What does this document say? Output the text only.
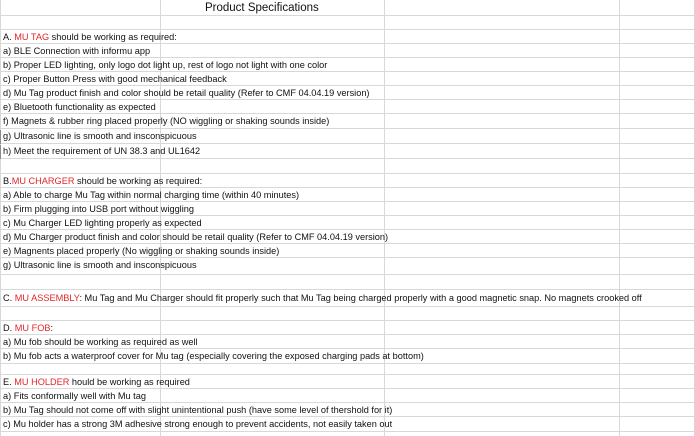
Product Specifications
A. MU TAG should be working as required:
a) BLE Connection with informu app
b) Proper LED lighting, only logo dot light up, rest of logo not light with one color
c) Proper Button Press with good mechanical feedback
d) Mu Tag product finish and color should be retail quality (Refer to CMF 04.04.19 version)
e) Bluetooth functionality as expected
f) Magnets & rubber ring placed properly (NO wiggling or shaking sounds inside)
g) Ultrasonic line is smooth and insconspicuous
h) Meet the requirement of UN 38.3 and UL1642
B.MU CHARGER should be working as required:
a) Able to charge Mu Tag within normal charging time (within 40 minutes)
b) Firm plugging into USB port without wiggling
c) Mu Charger LED lighting properly as expected
d) Mu Charger product finish and color should be retail quality (Refer to CMF 04.04.19 version)
e) Magnents placed properly (No wiggling or shaking sounds inside)
g) Ultrasonic line is smooth and insconspicuous
C. MU ASSEMBLY: Mu Tag and Mu Charger should fit properly such that Mu Tag being charged properly with a good magnetic snap. No magnets crooked off
D. MU FOB:
a) Mu fob should be working as required as well
b) Mu fob acts a waterproof cover for Mu tag (especially covering the exposed charging pads at bottom)
E. MU HOLDER hould be working as required
a) Fits conformally well with Mu tag
b) Mu Tag should not come off with slight unintentional push (have some level of thershold for it)
c) Mu holder has a strong 3M adhesive strong enough to prevent accidents, not easily taken out
